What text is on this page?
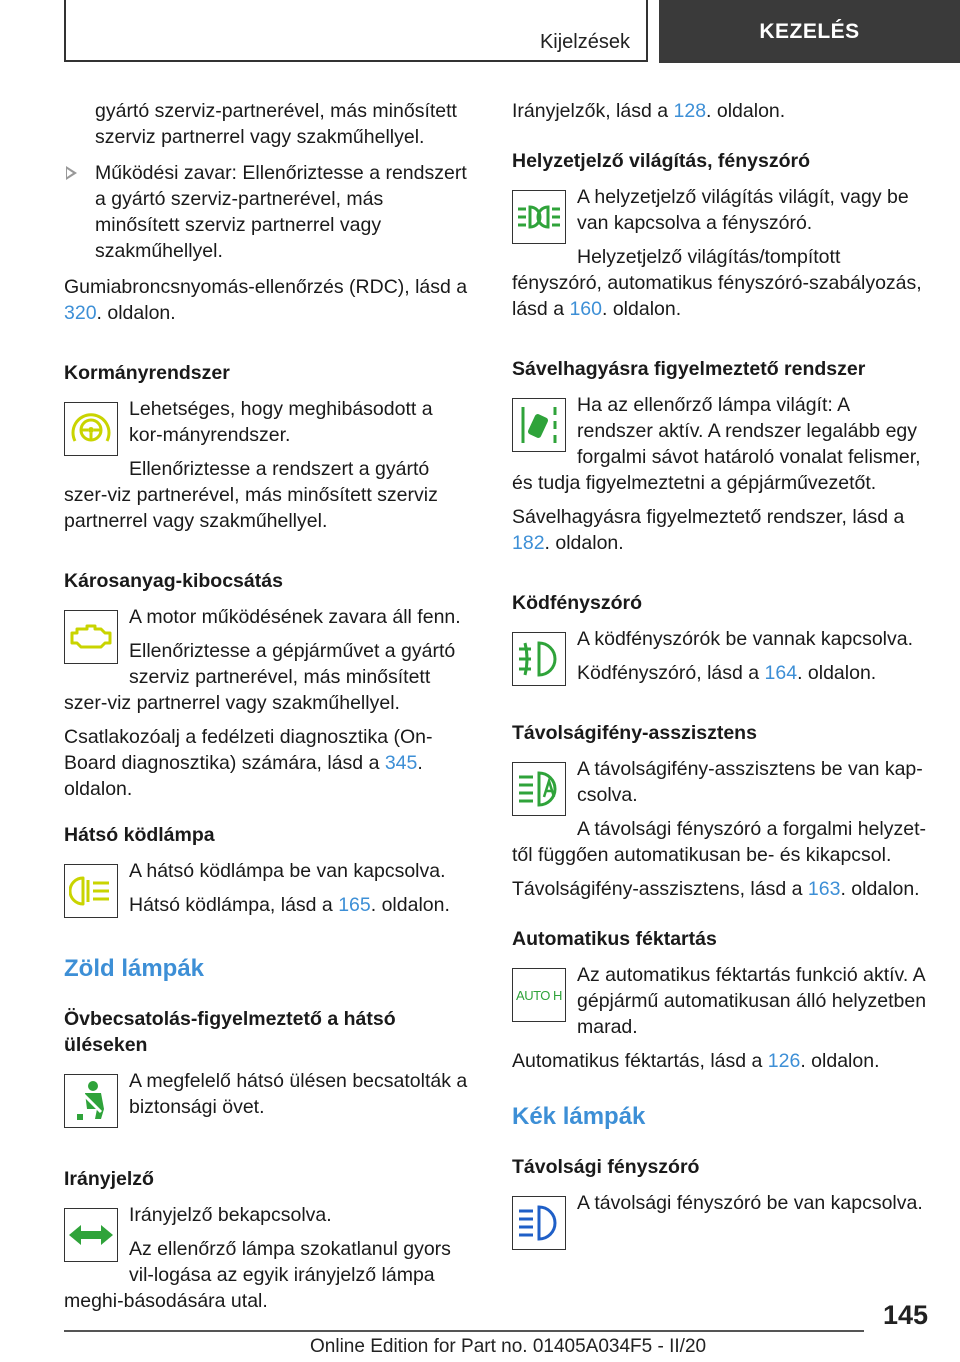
Kijelzések	KEZELÉS

gyártó szerviz-partnerével, más minősített szerviz partnerrel vagy szakműhellyel.

Működési zavar: Ellenőriztesse a rendszert a gyártó szerviz-partnerével, más minősített szerviz partnerrel vagy szakműhellyel.

Gumiabroncsnyomás-ellenőrzés (RDC), lásd a 320. oldalon.

Kormányrendszer

Lehetséges, hogy meghibásodott a kor-mányrendszer.

Ellenőriztesse a rendszert a gyártó szer-viz partnerével, más minősített szerviz partnerrel vagy szakműhellyel.

Károsanyag-kibocsátás

A motor működésének zavara áll fenn.

Ellenőriztesse a gépjárművet a gyártó szerviz partnerével, más minősített szer-viz partnerrel vagy szakműhellyel.

Csatlakozóalj a fedélzeti diagnosztika (On-Board diagnosztika) számára, lásd a 345. oldalon.

Hátsó ködlámpa

A hátsó ködlámpa be van kapcsolva.

Hátsó ködlámpa, lásd a 165. oldalon.

Zöld lámpák
Övbecsatolás-figyelmeztető a hátsó üléseken

A megfelelő hátsó ülésen becsatolták a biztonsági övet.

Irányjelző

Irányjelző bekapcsolva.

Az ellenőrző lámpa szokatlanul gyors vil-logása az egyik irányjelző lámpa meghi-básodására utal.

Irányjelzők, lásd a 128. oldalon.

Helyzetjelző világítás, fényszóró

A helyzetjelző világítás világít, vagy be van kapcsolva a fényszóró.

Helyzetjelző világítás/tompított fényszóró, automatikus fényszóró-szabályozás, lásd a 160. oldalon.

Sávelhagyásra figyelmeztető rendszer

Ha az ellenőrző lámpa világít: A rendszer aktív. A rendszer legalább egy forgalmi sávot határoló vonalat felismer, és tudja figyelmeztetni a gépjárművezetőt.

Sávelhagyásra figyelmeztető rendszer, lásd a 182. oldalon.

Ködfényszóró

A ködfényszórók be vannak kapcsolva.

Ködfényszóró, lásd a 164. oldalon.

Távolságifény-asszisztens

A távolságifény-asszisztens be van kap-csolva.

A távolsági fényszóró a forgalmi helyzet-től függően automatikusan be- és kikapcsol.

Távolságifény-asszisztens, lásd a 163. oldalon.

Automatikus féktartás
AUTO H

Az automatikus féktartás funkció aktív. A gépjármű automatikusan álló helyzetben marad.

Automatikus féktartás, lásd a 126. oldalon.

Kék lámpák
Távolsági fényszóró

A távolsági fényszóró be van kapcsolva.

145
Online Edition for Part no. 01405A034F5 - II/20
